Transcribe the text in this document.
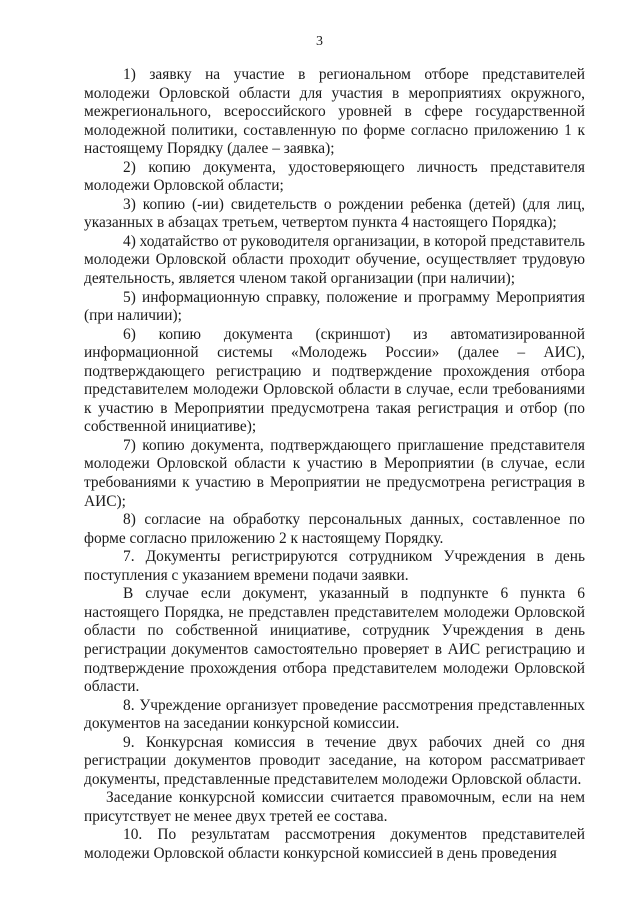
3

1) заявку на участие в региональном отборе представителей молодежи Орловской области для участия в мероприятиях окружного, межрегионального, всероссийского уровней в сфере государственной молодежной политики, составленную по форме согласно приложению 1 к настоящему Порядку (далее – заявка);

2) копию документа, удостоверяющего личность представителя молодежи Орловской области;

3) копию (-ии) свидетельств о рождении ребенка (детей) (для лиц, указанных в абзацах третьем, четвертом пункта 4 настоящего Порядка);

4) ходатайство от руководителя организации, в которой представитель молодежи Орловской области проходит обучение, осуществляет трудовую деятельность, является членом такой организации (при наличии);

5) информационную справку, положение и программу Мероприятия (при наличии);

6) копию документа (скриншот) из автоматизированной информационной системы «Молодежь России» (далее – АИС), подтверждающего регистрацию и подтверждение прохождения отбора представителем молодежи Орловской области в случае, если требованиями к участию в Мероприятии предусмотрена такая регистрация и отбор (по собственной инициативе);

7) копию документа, подтверждающего приглашение представителя молодежи Орловской области к участию в Мероприятии (в случае, если требованиями к участию в Мероприятии не предусмотрена регистрация в АИС);

8) согласие на обработку персональных данных, составленное по форме согласно приложению 2 к настоящему Порядку.

7. Документы регистрируются сотрудником Учреждения в день поступления с указанием времени подачи заявки.

В случае если документ, указанный в подпункте 6 пункта 6 настоящего Порядка, не представлен представителем молодежи Орловской области по собственной инициативе, сотрудник Учреждения в день регистрации документов самостоятельно проверяет в АИС регистрацию и подтверждение прохождения отбора представителем молодежи Орловской области.

8. Учреждение организует проведение рассмотрения представленных документов на заседании конкурсной комиссии.

9. Конкурсная комиссия в течение двух рабочих дней со дня регистрации документов проводит заседание, на котором рассматривает документы, представленные представителем молодежи Орловской области.

Заседание конкурсной комиссии считается правомочным, если на нем присутствует не менее двух третей ее состава.

10. По результатам рассмотрения документов представителей молодежи Орловской области конкурсной комиссией в день проведения
